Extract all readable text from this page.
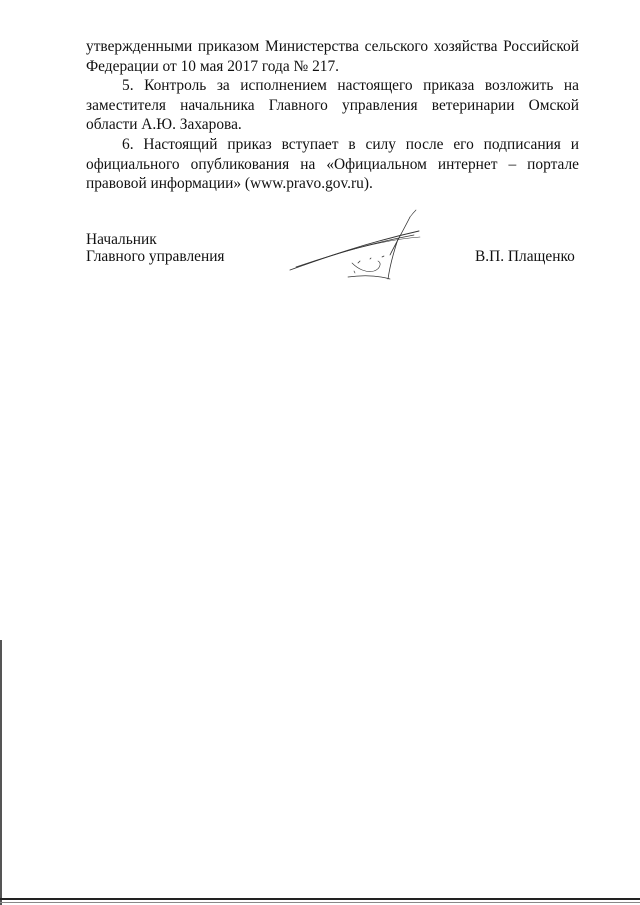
утвержденными приказом Министерства сельского хозяйства Российской Федерации от 10 мая 2017 года № 217.

5. Контроль за исполнением настоящего приказа возложить на заместителя начальника Главного управления ветеринарии Омской области А.Ю. Захарова.

6. Настоящий приказ вступает в силу после его подписания и официального опубликования на «Официальном интернет – портале правовой информации» (www.pravo.gov.ru).

Начальник
Главного управления	В.П. Плащенко
